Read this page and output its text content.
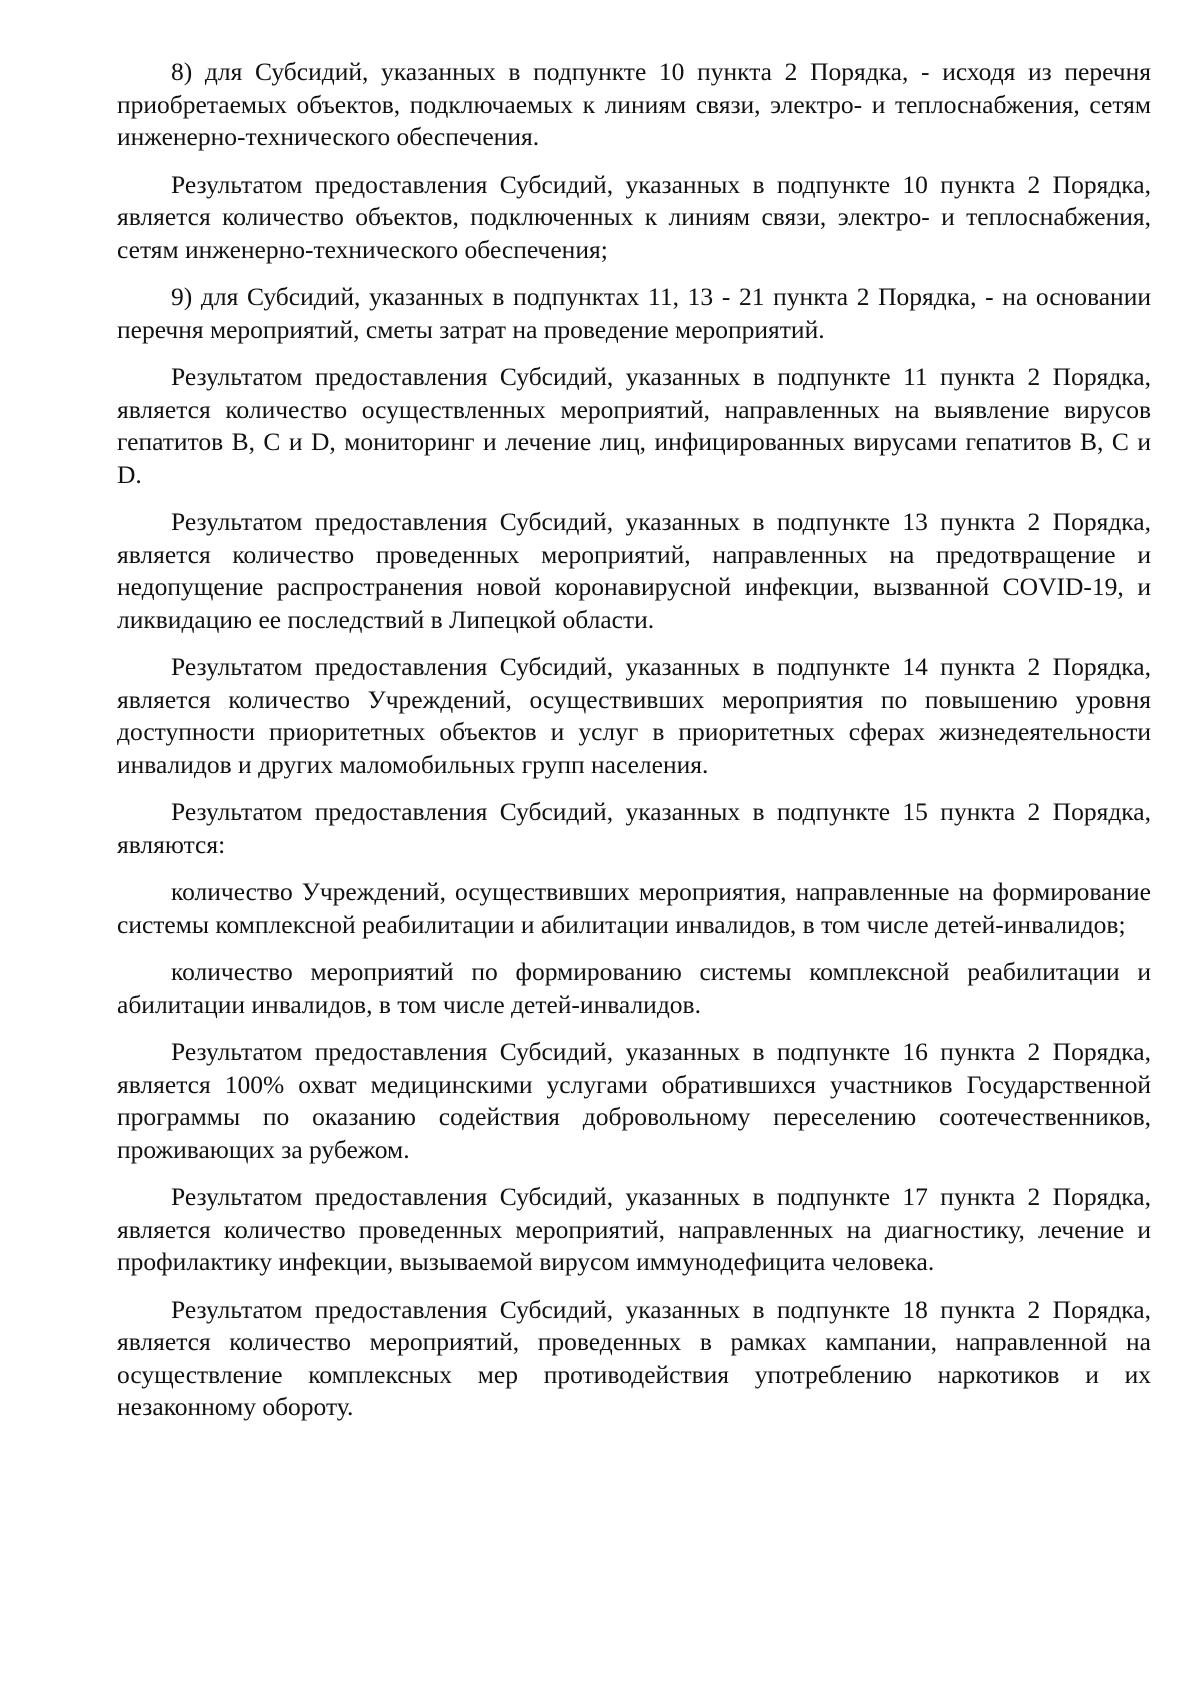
8) для Субсидий, указанных в подпункте 10 пункта 2 Порядка, - исходя из перечня приобретаемых объектов, подключаемых к линиям связи, электро- и теплоснабжения, сетям инженерно-технического обеспечения.

Результатом предоставления Субсидий, указанных в подпункте 10 пункта 2 Порядка, является количество объектов, подключенных к линиям связи, электро- и теплоснабжения, сетям инженерно-технического обеспечения;

9) для Субсидий, указанных в подпунктах 11, 13 - 21 пункта 2 Порядка, - на основании перечня мероприятий, сметы затрат на проведение мероприятий.

Результатом предоставления Субсидий, указанных в подпункте 11 пункта 2 Порядка, является количество осуществленных мероприятий, направленных на выявление вирусов гепатитов B, C и D, мониторинг и лечение лиц, инфицированных вирусами гепатитов B, C и D.

Результатом предоставления Субсидий, указанных в подпункте 13 пункта 2 Порядка, является количество проведенных мероприятий, направленных на предотвращение и недопущение распространения новой коронавирусной инфекции, вызванной COVID-19, и ликвидацию ее последствий в Липецкой области.

Результатом предоставления Субсидий, указанных в подпункте 14 пункта 2 Порядка, является количество Учреждений, осуществивших мероприятия по повышению уровня доступности приоритетных объектов и услуг в приоритетных сферах жизнедеятельности инвалидов и других маломобильных групп населения.

Результатом предоставления Субсидий, указанных в подпункте 15 пункта 2 Порядка, являются:

количество Учреждений, осуществивших мероприятия, направленные на формирование системы комплексной реабилитации и абилитации инвалидов, в том числе детей-инвалидов;

количество мероприятий по формированию системы комплексной реабилитации и абилитации инвалидов, в том числе детей-инвалидов.

Результатом предоставления Субсидий, указанных в подпункте 16 пункта 2 Порядка, является 100% охват медицинскими услугами обратившихся участников Государственной программы по оказанию содействия добровольному переселению соотечественников, проживающих за рубежом.

Результатом предоставления Субсидий, указанных в подпункте 17 пункта 2 Порядка, является количество проведенных мероприятий, направленных на диагностику, лечение и профилактику инфекции, вызываемой вирусом иммунодефицита человека.

Результатом предоставления Субсидий, указанных в подпункте 18 пункта 2 Порядка, является количество мероприятий, проведенных в рамках кампании, направленной на осуществление комплексных мер противодействия употреблению наркотиков и их незаконному обороту.
